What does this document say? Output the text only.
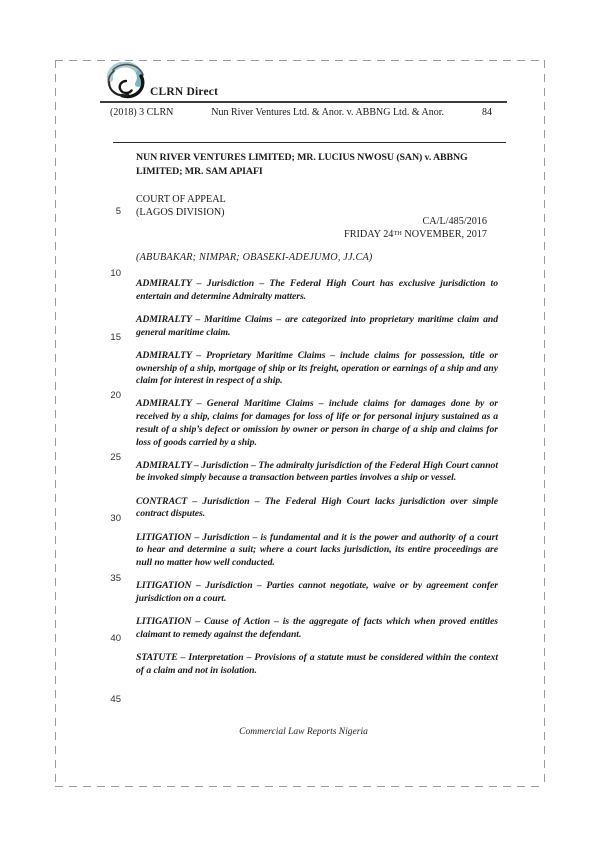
CLRN Direct
(2018) 3 CLRN	Nun River Ventures Ltd. & Anor. v. ABBNG Ltd. & Anor.	84
NUN RIVER VENTURES LIMITED; MR. LUCIUS NWOSU (SAN) v. ABBNG LIMITED; MR. SAM APIAFI
COURT OF APPEAL
(LAGOS DIVISION)
CA/L/485/2016
FRIDAY 24TH NOVEMBER, 2017
(ABUBAKAR; NIMPAR; OBASEKI-ADEJUMO, JJ.CA)
5
10
15
20
25
30
35
40
45

ADMIRALTY – Jurisdiction – The Federal High Court has exclusive jurisdiction to entertain and determine Admiralty matters.

ADMIRALTY – Maritime Claims – are categorized into proprietary maritime claim and general maritime claim.

ADMIRALTY – Proprietary Maritime Claims – include claims for possession, title or ownership of a ship, mortgage of ship or its freight, operation or earnings of a ship and any claim for interest in respect of a ship.

ADMIRALTY – General Maritime Claims – include claims for damages done by or received by a ship, claims for damages for loss of life or for personal injury sustained as a result of a ship’s defect or omission by owner or person in charge of a ship and claims for loss of goods carried by a ship.

ADMIRALTY – Jurisdiction – The admiralty jurisdiction of the Federal High Court cannot be invoked simply because a transaction between parties involves a ship or vessel.

CONTRACT – Jurisdiction – The Federal High Court lacks jurisdiction over simple contract disputes.

LITIGATION – Jurisdiction – is fundamental and it is the power and authority of a court to hear and determine a suit; where a court lacks jurisdiction, its entire proceedings are null no matter how well conducted.

LITIGATION – Jurisdiction – Parties cannot negotiate, waive or by agreement confer jurisdiction on a court.

LITIGATION – Cause of Action – is the aggregate of facts which when proved entitles claimant to remedy against the defendant.

STATUTE – Interpretation – Provisions of a statute must be considered within the context of a claim and not in isolation.

Commercial Law Reports Nigeria
